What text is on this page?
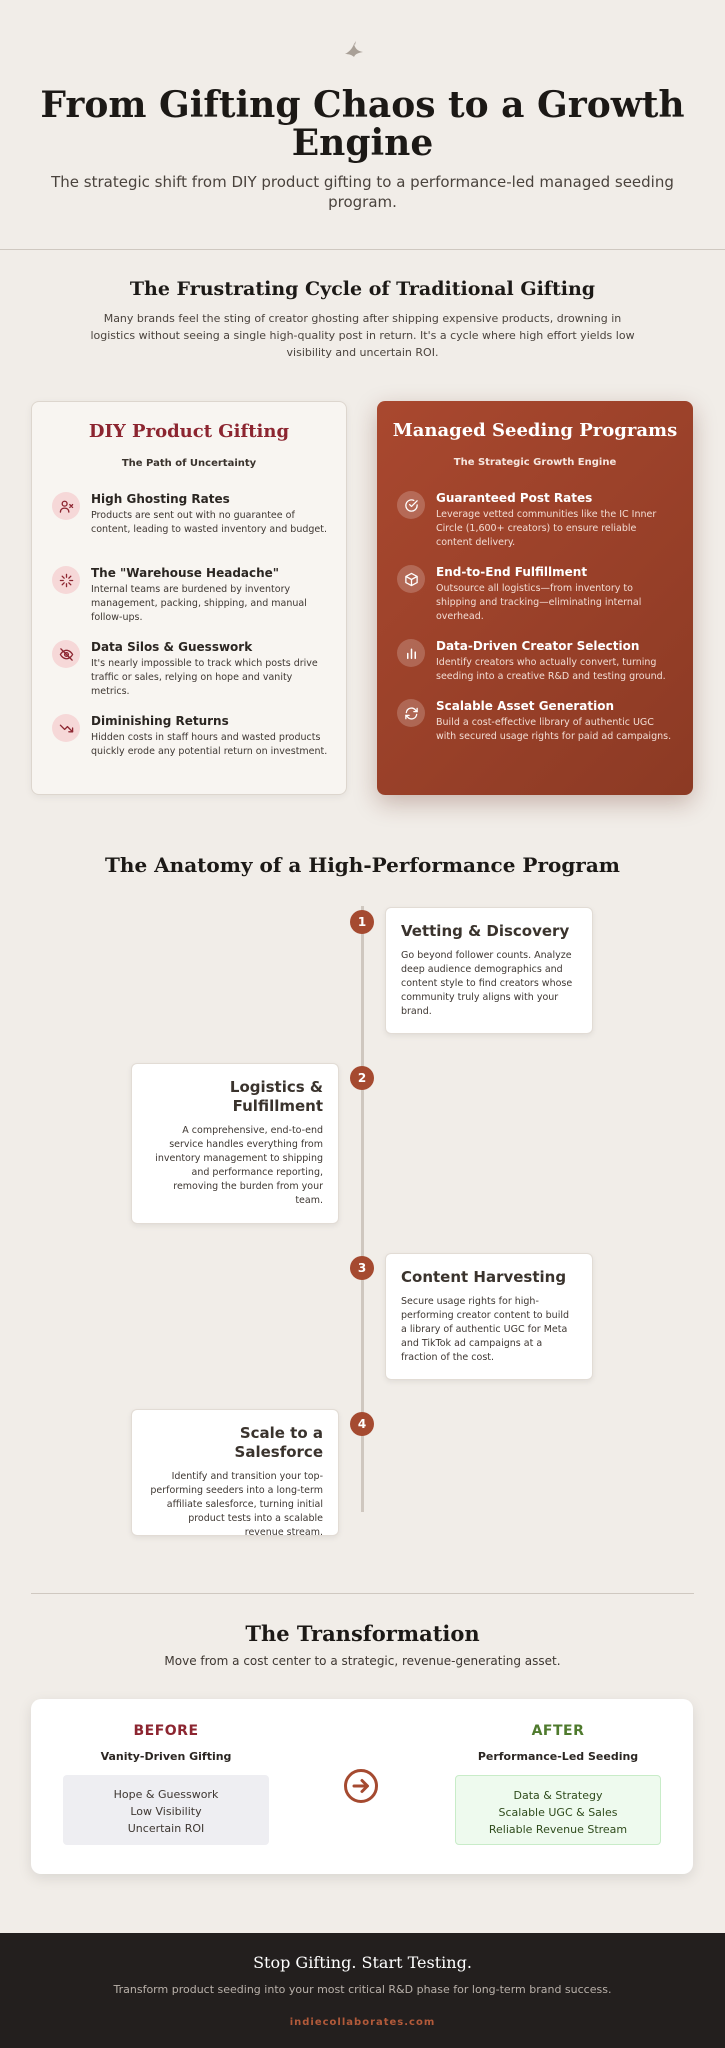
From Gifting Chaos to a Growth Engine

The strategic shift from DIY product gifting to a performance-led managed seeding program.

The Frustrating Cycle of Traditional Gifting

Many brands feel the sting of creator ghosting after shipping expensive products, drowning in logistics without seeing a single high-quality post in return. It's a cycle where high effort yields low visibility and uncertain ROI.

DIY Product Gifting
The Path of Uncertainty
High Ghosting Rates
Products are sent out with no guarantee of content, leading to wasted inventory and budget.
The "Warehouse Headache"
Internal teams are burdened by inventory management, packing, shipping, and manual follow-ups.
Data Silos & Guesswork
It's nearly impossible to track which posts drive traffic or sales, relying on hope and vanity metrics.
Diminishing Returns
Hidden costs in staff hours and wasted products quickly erode any potential return on investment.
Managed Seeding Programs
The Strategic Growth Engine
Guaranteed Post Rates
Leverage vetted communities like the IC Inner Circle (1,600+ creators) to ensure reliable content delivery.
End-to-End Fulfillment
Outsource all logistics—from inventory to shipping and tracking—eliminating internal overhead.
Data-Driven Creator Selection
Identify creators who actually convert, turning seeding into a creative R&D and testing ground.
Scalable Asset Generation
Build a cost-effective library of authentic UGC with secured usage rights for paid ad campaigns.
The Anatomy of a High-Performance Program
1	Vetting & Discovery
Go beyond follower counts. Analyze deep audience demographics and content style to find creators whose community truly aligns with your brand.
2
Logistics & Fulfillment
A comprehensive, end-to-end service handles everything from inventory management to shipping and performance reporting, removing the burden from your team.
3	Content Harvesting
Secure usage rights for high-performing creator content to build a library of authentic UGC for Meta and TikTok ad campaigns at a fraction of the cost.
4
Scale to a Salesforce
Identify and transition your top-performing seeders into a long-term affiliate salesforce, turning initial product tests into a scalable revenue stream.
The Transformation

Move from a cost center to a strategic, revenue-generating asset.

BEFORE
Vanity-Driven Gifting
Hope & Guesswork
Low Visibility
Uncertain ROI
AFTER
Performance-Led Seeding
Data & Strategy
Scalable UGC & Sales
Reliable Revenue Stream
Stop Gifting. Start Testing.
Transform product seeding into your most critical R&D phase for long-term brand success.
indiecollaborates.com
